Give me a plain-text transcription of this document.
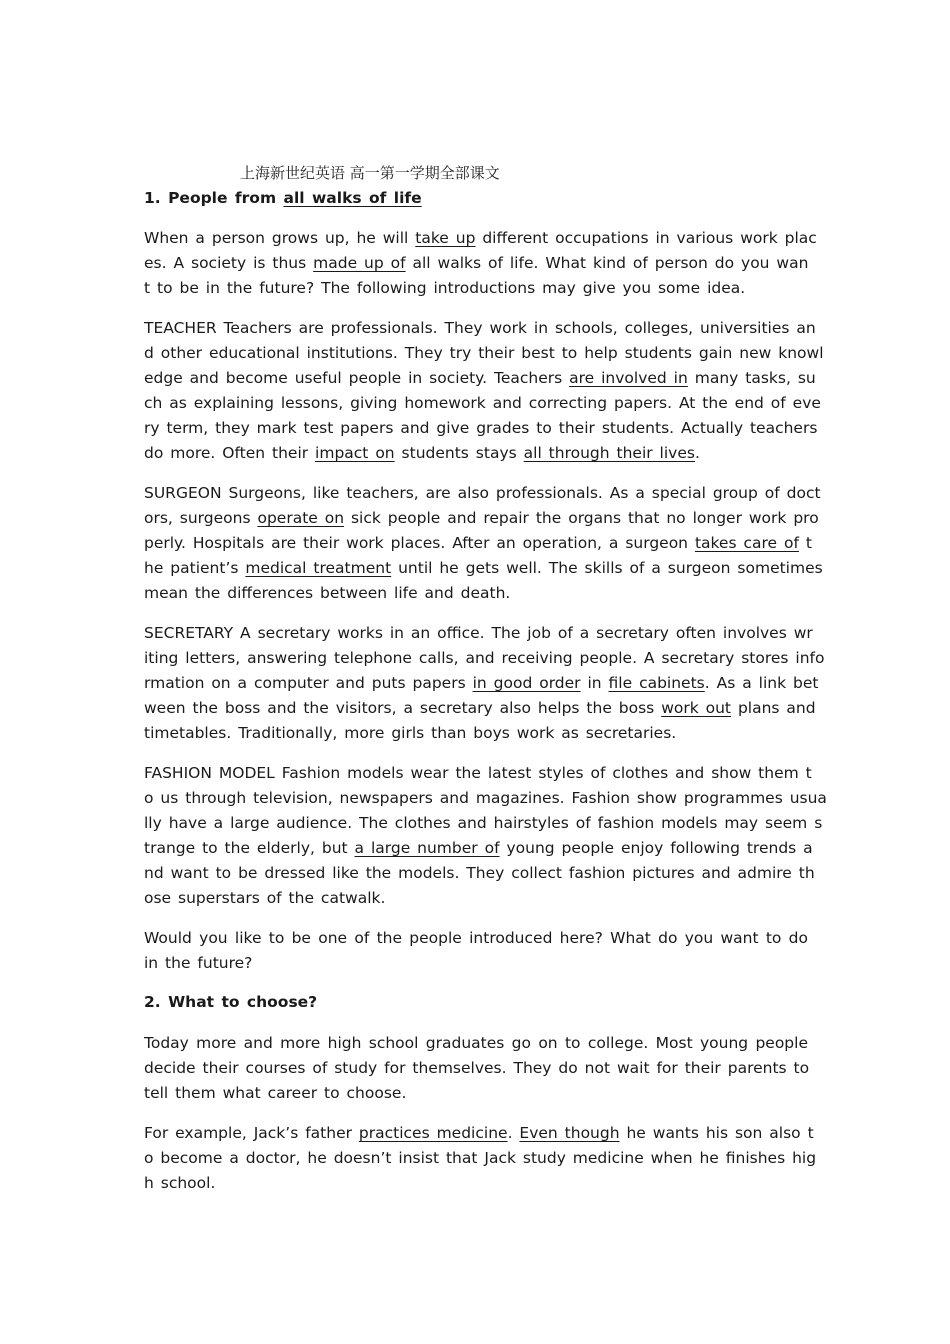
上海新世纪英语 高一第一学期全部课文
1. People from all walks of life
When a person grows up, he will take up different occupations in various work plac
es. A society is thus made up of all walks of life. What kind of person do you wan
t to be in the future? The following introductions may give you some idea.
TEACHER Teachers are professionals. They work in schools, colleges, universities an
d other educational institutions. They try their best to help students gain new knowl
edge and become useful people in society. Teachers are involved in many tasks, su
ch as explaining lessons, giving homework and correcting papers. At the end of eve
ry term, they mark test papers and give grades to their students. Actually teachers
do more. Often their impact on students stays all through their lives.
SURGEON Surgeons, like teachers, are also professionals. As a special group of doct
ors, surgeons operate on sick people and repair the organs that no longer work pro
perly. Hospitals are their work places. After an operation, a surgeon takes care of t
he patient’s medical treatment until he gets well. The skills of a surgeon sometimes
mean the differences between life and death.
SECRETARY A secretary works in an office. The job of a secretary often involves wr
iting letters, answering telephone calls, and receiving people. A secretary stores info
rmation on a computer and puts papers in good order in file cabinets. As a link bet
ween the boss and the visitors, a secretary also helps the boss work out plans and
timetables. Traditionally, more girls than boys work as secretaries.
FASHION MODEL Fashion models wear the latest styles of clothes and show them t
o us through television, newspapers and magazines. Fashion show programmes usua
lly have a large audience. The clothes and hairstyles of fashion models may seem s
trange to the elderly, but a large number of young people enjoy following trends a
nd want to be dressed like the models. They collect fashion pictures and admire th
ose superstars of the catwalk.
Would you like to be one of the people introduced here? What do you want to do
in the future?
2. What to choose?
Today more and more high school graduates go on to college. Most young people
decide their courses of study for themselves. They do not wait for their parents to
tell them what career to choose.
For example, Jack’s father practices medicine. Even though he wants his son also t
o become a doctor, he doesn’t insist that Jack study medicine when he finishes hig
h school.
